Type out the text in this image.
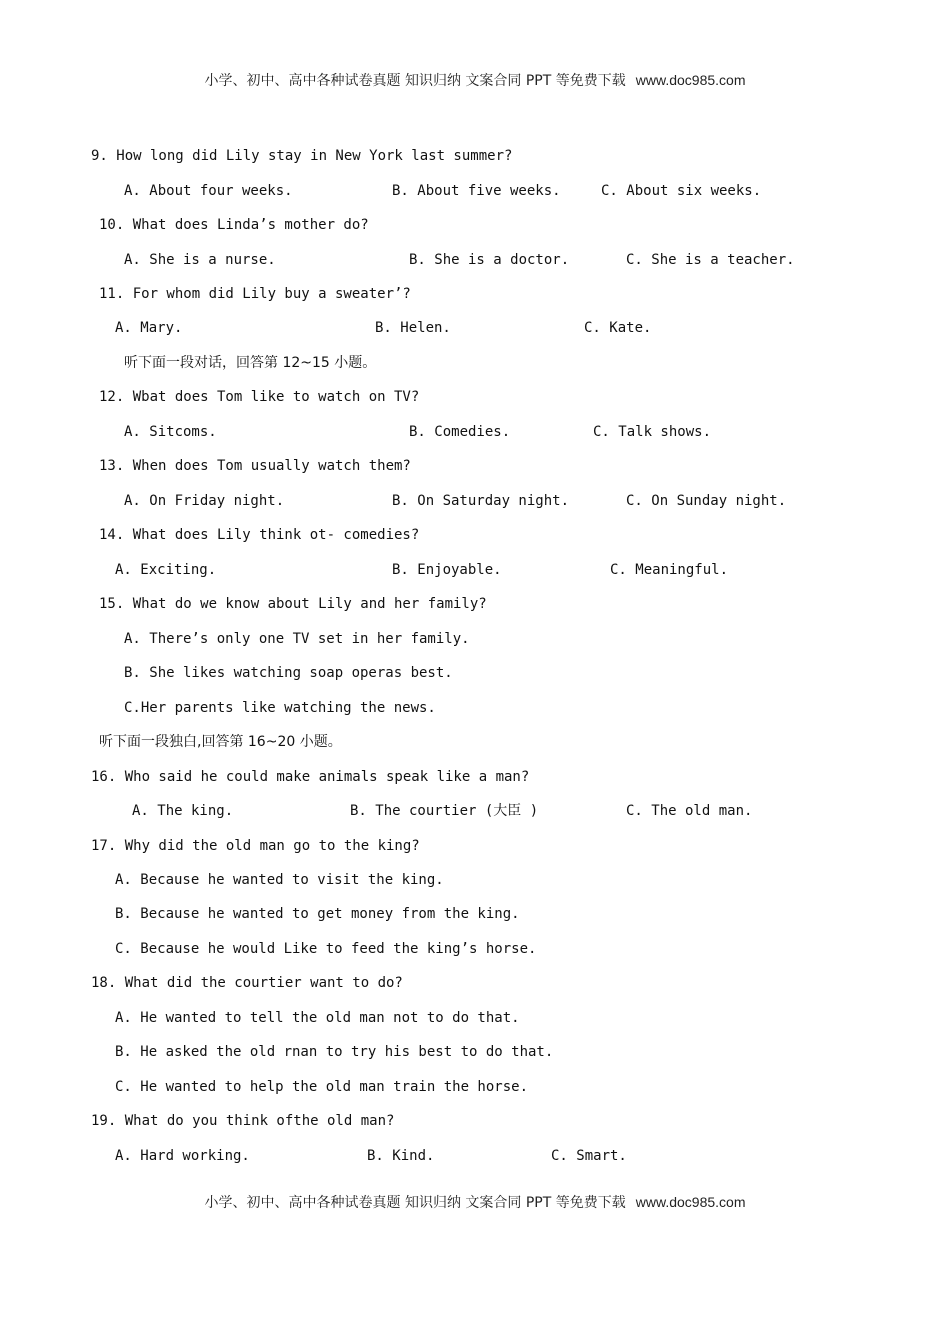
小学、初中、高中各种试卷真题 知识归纳 文案合同 PPT 等免费下载 www.doc985.com
9. How long did Lily stay in New York last summer?
A. About four weeks.	B. About five weeks.	C. About six weeks.
10. What does Linda’s mother do?
A. She is a nurse.	B. She is a doctor.	C. She is a teacher.
11. For whom did Lily buy a sweater’?
A. Mary.	B. Helen.	C. Kate.
听下面一段对话，回答第 12~15 小题。
12. Wbat does Tom like to watch on TV?
A. Sitcoms.	B. Comedies.	C. Talk shows.
13. When does Tom usually watch them?
A. On Friday night.	B. On Saturday night.	C. On Sunday night.
14. What does Lily think ot- comedies?
A. Exciting.	B. Enjoyable.	C. Meaningful.
15. What do we know about Lily and her family?
A. There’s only one TV set in her family.
B. She likes watching soap operas best.
C.Her parents like watching the news.
听下面一段独白,回答第 16~20 小题。
16. Who said he could make animals speak like a man?
A. The king.	B. The courtier (大臣 )	C. The old man.
17. Why did the old man go to the king?
A. Because he wanted to visit the king.
B. Because he wanted to get money from the king.
C. Because he would Like to feed the king’s horse.
18. What did the courtier want to do?
A. He wanted to tell the old man not to do that.
B. He asked the old rnan to try his best to do that.
C. He wanted to help the old man train the horse.
19. What do you think ofthe old man?
A. Hard working.	B. Kind.	C. Smart.
小学、初中、高中各种试卷真题 知识归纳 文案合同 PPT 等免费下载 www.doc985.com
